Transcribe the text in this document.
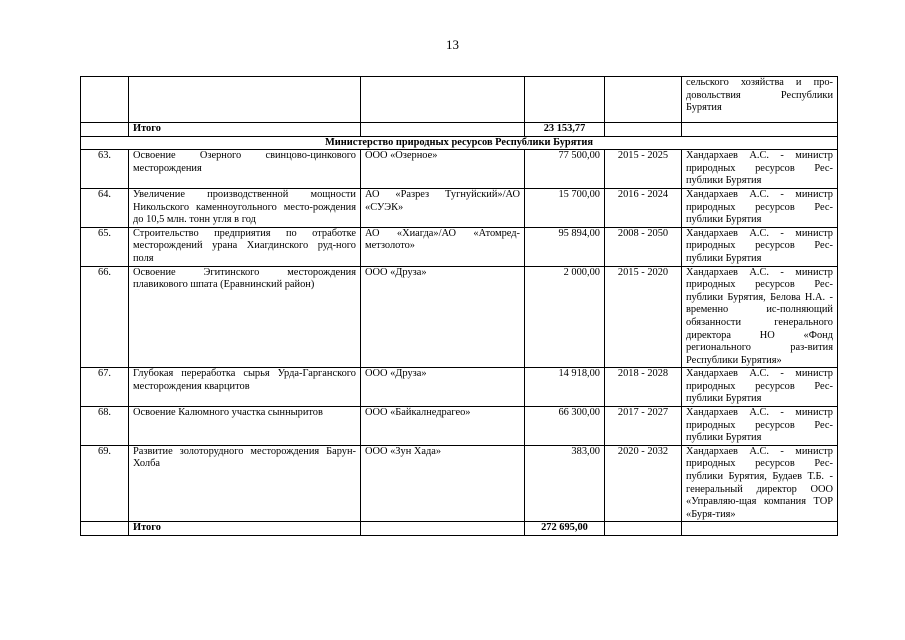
13
					сельского хозяйства и про-довольствия Республики Бурятия
	Итого		23 153,77		
Министерство природных ресурсов Республики Бурятия					
63.	Освоение Озерного свинцово-цинкового месторождения	ООО «Озерное»	77 500,00	2015 - 2025	Хандархаев А.С. - министр природных ресурсов Рес-публики Бурятия
64.	Увеличение производственной мощности Никольского каменноугольного место-рождения до 10,5 млн. тонн угля в год	АО «Разрез Тугнуйский»/АО «СУЭК»	15 700,00	2016 - 2024	Хандархаев А.С. - министр природных ресурсов Рес-публики Бурятия
65.	Строительство предприятия по отработке месторождений урана Хиагдинского руд-ного поля	АО «Хиагда»/АО «Атомред-метзолото»	95 894,00	2008 - 2050	Хандархаев А.С. - министр природных ресурсов Рес-публики Бурятия
66.	Освоение Эгитинского месторождения плавикового шпата (Еравнинский район)	ООО «Друза»	2 000,00	2015 - 2020	Хандархаев А.С. - министр природных ресурсов Рес-публики Бурятия, Белова Н.А. - временно ис-полняющий обязанности генерального директора НО «Фонд регионального раз-вития Республики Бурятия»
67.	Глубокая переработка сырья Урда-Гарганского месторождения кварцитов	ООО «Друза»	14 918,00	2018 - 2028	Хандархаев А.С. - министр природных ресурсов Рес-публики Бурятия
68.	Освоение Калюмного участка сынныритов	ООО «Байкалнедрагео»	66 300,00	2017 - 2027	Хандархаев А.С. - министр природных ресурсов Рес-публики Бурятия
69.	Развитие золоторудного месторождения Барун-Холба	ООО «Зун Хада»	383,00	2020 - 2032	Хандархаев А.С. - министр природных ресурсов Рес-публики Бурятия, Будаев Т.Б. - генеральный директор ООО «Управляю-щая компания ТОР «Буря-тия»
	Итого		272 695,00		
